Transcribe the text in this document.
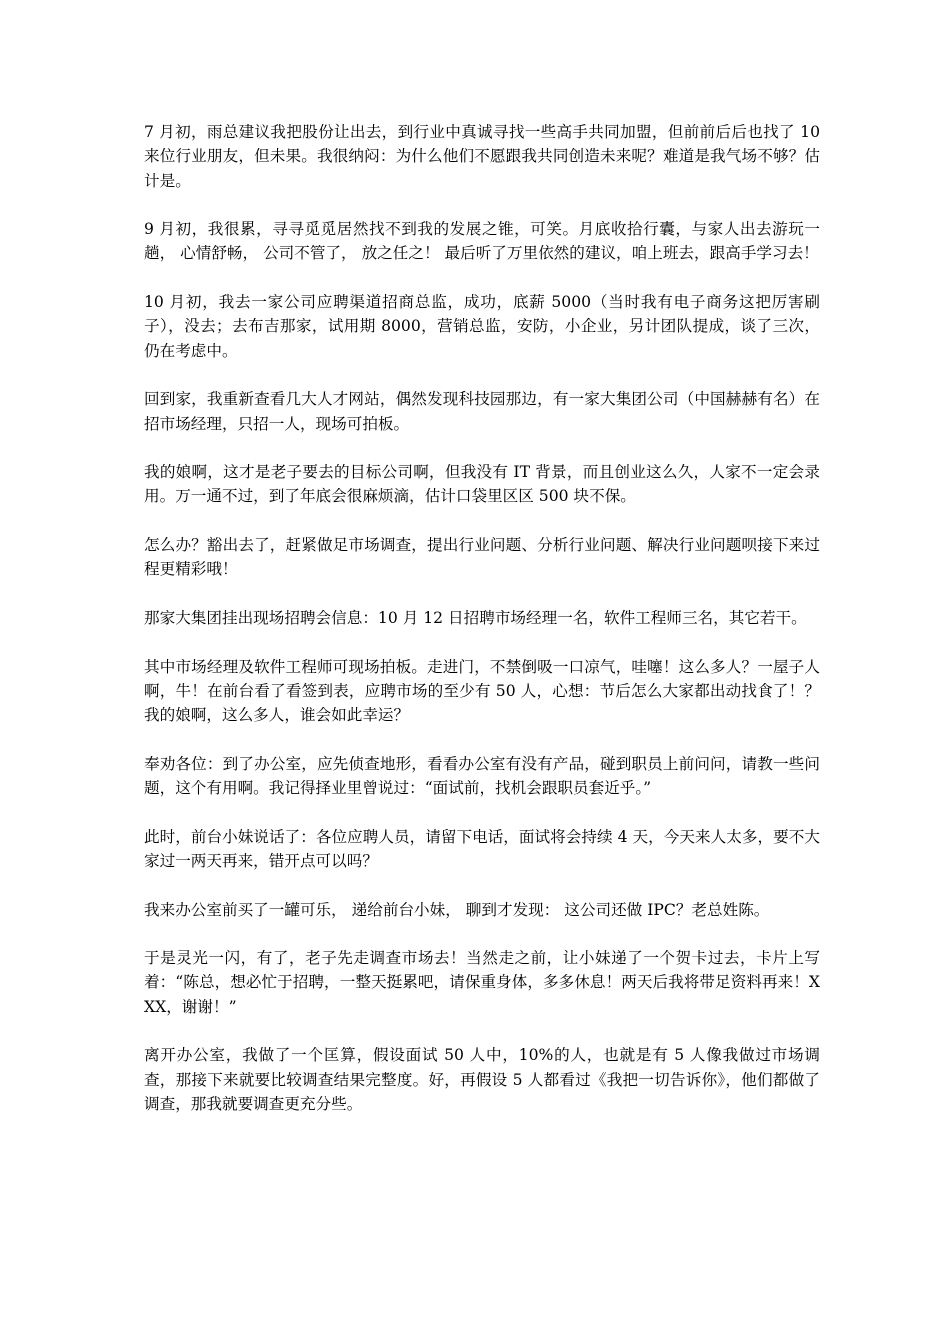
7 月初，雨总建议我把股份让出去，到行业中真诚寻找一些高手共同加盟，但前前后后也找了 10 来位行业朋友，但未果。我很纳闷：为什么他们不愿跟我共同创造未来呢？难道是我气场不够？估计是。

9 月初，我很累，寻寻觅觅居然找不到我的发展之锥，可笑。月底收拾行囊，与家人出去游玩一趟， 心情舒畅， 公司不管了， 放之任之！ 最后听了万里依然的建议，咱上班去，跟高手学习去！

10 月初，我去一家公司应聘渠道招商总监，成功，底薪 5000（当时我有电子商务这把厉害刷子），没去；去布吉那家，试用期 8000，营销总监，安防，小企业，另计团队提成，谈了三次，仍在考虑中。

回到家，我重新查看几大人才网站，偶然发现科技园那边，有一家大集团公司（中国赫赫有名）在招市场经理，只招一人，现场可拍板。

我的娘啊，这才是老子要去的目标公司啊，但我没有 IT 背景，而且创业这么久，人家不一定会录用。万一通不过，到了年底会很麻烦滴，估计口袋里区区 500 块不保。

怎么办？豁出去了，赶紧做足市场调查，提出行业问题、分析行业问题、解决行业问题呗接下来过程更精彩哦！

那家大集团挂出现场招聘会信息：10 月 12 日招聘市场经理一名，软件工程师三名，其它若干。

其中市场经理及软件工程师可现场拍板。走进门，不禁倒吸一口凉气，哇噻！这么多人？一屋子人啊，牛！在前台看了看签到表，应聘市场的至少有 50 人，心想：节后怎么大家都出动找食了！？我的娘啊，这么多人，谁会如此幸运？

奉劝各位：到了办公室，应先侦查地形，看看办公室有没有产品，碰到职员上前问问，请教一些问题，这个有用啊。我记得择业里曾说过：“面试前，找机会跟职员套近乎。”

此时，前台小妹说话了：各位应聘人员，请留下电话，面试将会持续 4 天，今天来人太多，要不大家过一两天再来，错开点可以吗？

我来办公室前买了一罐可乐， 递给前台小妹， 聊到才发现： 这公司还做 IPC？老总姓陈。

于是灵光一闪，有了，老子先走调查市场去！当然走之前，让小妹递了一个贺卡过去，卡片上写着：“陈总，想必忙于招聘，一整天挺累吧，请保重身体，多多休息！两天后我将带足资料再来！XXX，谢谢！”

离开办公室，我做了一个匡算，假设面试 50 人中，10%的人，也就是有 5 人像我做过市场调查，那接下来就要比较调查结果完整度。好，再假设 5 人都看过《我把一切告诉你》，他们都做了调查，那我就要调查更充分些。
